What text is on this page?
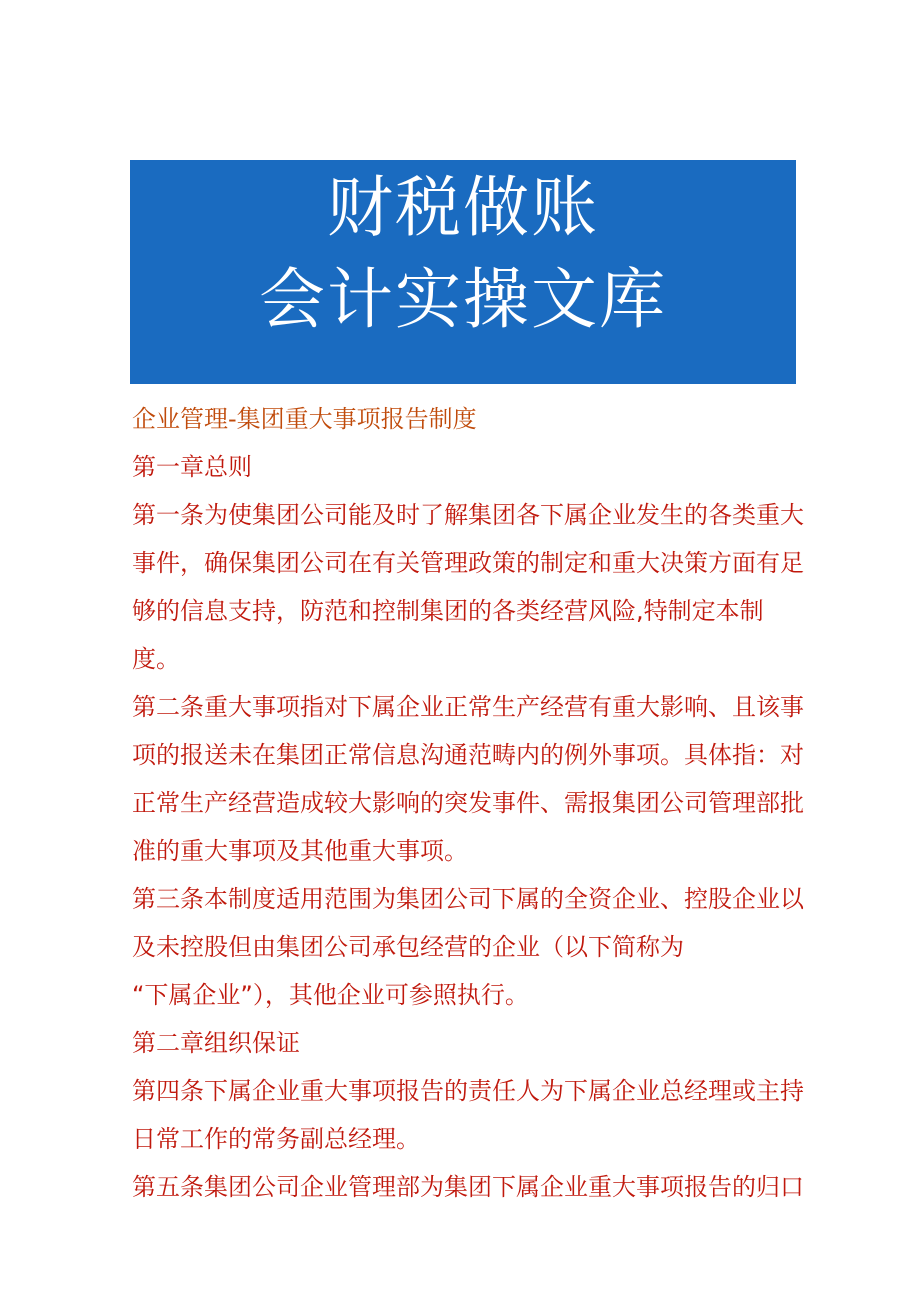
财税做账
会计实操文库

企业管理-集团重大事项报告制度

第一章总则

第一条为使集团公司能及时了解集团各下属企业发生的各类重大事件，确保集团公司在有关管理政策的制定和重大决策方面有足够的信息支持，防范和控制集团的各类经营风险,特制定本制度。

第二条重大事项指对下属企业正常生产经营有重大影响、且该事项的报送未在集团正常信息沟通范畴内的例外事项。具体指：对正常生产经营造成较大影响的突发事件、需报集团公司管理部批准的重大事项及其他重大事项。

第三条本制度适用范围为集团公司下属的全资企业、控股企业以及未控股但由集团公司承包经营的企业（以下简称为

“下属企业”），其他企业可参照执行。

第二章组织保证

第四条下属企业重大事项报告的责任人为下属企业总经理或主持日常工作的常务副总经理。

第五条集团公司企业管理部为集团下属企业重大事项报告的归口
